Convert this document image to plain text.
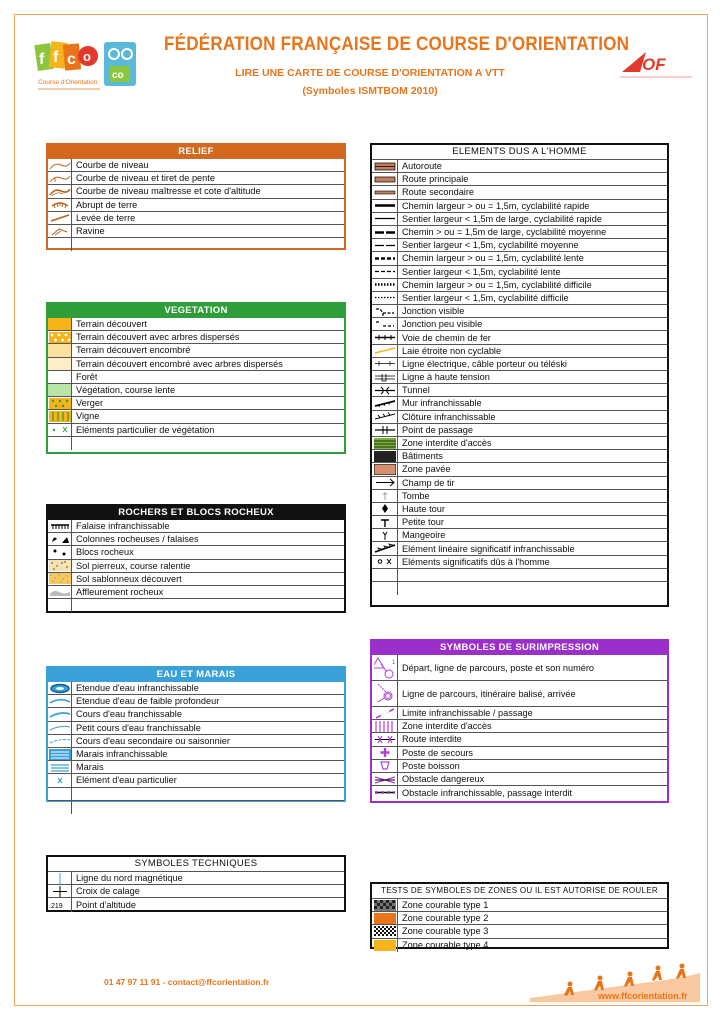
f f c o
Course d'Orientation
co
OF
FÉDÉRATION FRANÇAISE DE COURSE D'ORIENTATION
LIRE UNE CARTE DE COURSE D'ORIENTATION A VTT
(Symboles ISMTBOM 2010)
RELIEF
Courbe de niveau
Courbe de niveau et tiret de pente
Courbe de niveau maîtresse et cote d'altitude
Abrupt de terre
Levée de terre
Ravine
VEGETATION
Terrain découvert
Terrain découvert avec arbres dispersés
Terrain découvert encombré
Terrain découvert encombré avec arbres dispersés
Forêt
Végétation, course lente
Verger
Vigne
Eléments particulier de végétation
ROCHERS ET BLOCS ROCHEUX
Falaise infranchissable
Colonnes rocheuses / falaises
Blocs rocheux
Sol pierreux, course ralentie
Sol sablonneux découvert
Affleurement rocheux
EAU ET MARAIS
Etendue d'eau infranchissable
Etendue d'eau de faible profondeur
Cours d'eau franchissable
Petit cours d'eau franchissable
Cours d'eau secondaire ou saisonnier
Marais infranchissable
Marais
Elément d'eau particulier
SYMBOLES TECHNIQUES
Ligne du nord magnétique
Croix de calage
.219	Point d'altitude
ELEMENTS DUS A L'HOMME
Autoroute
Route principale
Route secondaire
Chemin largeur > ou = 1,5m, cyclabilité rapide
Sentier largeur < 1,5m de large, cyclabilité rapide
Chemin > ou = 1,5m de large, cyclabilité moyenne
Sentier largeur < 1,5m, cyclabilité moyenne
Chemin largeur > ou = 1,5m, cyclabilité lente
Sentier largeur < 1,5m, cyclabilité lente
Chemin largeur > ou = 1,5m, cyclabilité difficile
Sentier largeur < 1,5m, cyclabilité difficile
Jonction visible
Jonction peu visible
Voie de chemin de fer
Laie étroite non cyclable
Ligne électrique, câble porteur ou téléski
Ligne à haute tension
Tunnel
Mur infranchissable
Clôture infranchissable
Point de passage
Zone interdite d'accès
Bâtiments
Zone pavée
Champ de tir
Tombe
Haute tour
Petite tour
Mangeoire
Elément linéaire significatif infranchissable
Eléments significatifs dûs à l'homme
SYMBOLES DE SURIMPRESSION
1 Départ, ligne de parcours, poste et son numéro
Ligne de parcours, itinéraire balisé, arrivée
Limite infranchissable / passage
Zone interdite d'accès
Route interdite
Poste de secours
Poste boisson
Obstacle dangereux
Obstacle infranchissable, passage interdit
TESTS DE SYMBOLES DE ZONES OU IL EST AUTORISE DE ROULER
Zone courable type 1
Zone courable type 2
Zone courable type 3
Zone courable type 4
01 47 97 11 91 - contact@ffcorientation.fr
www.ffcorientation.fr
